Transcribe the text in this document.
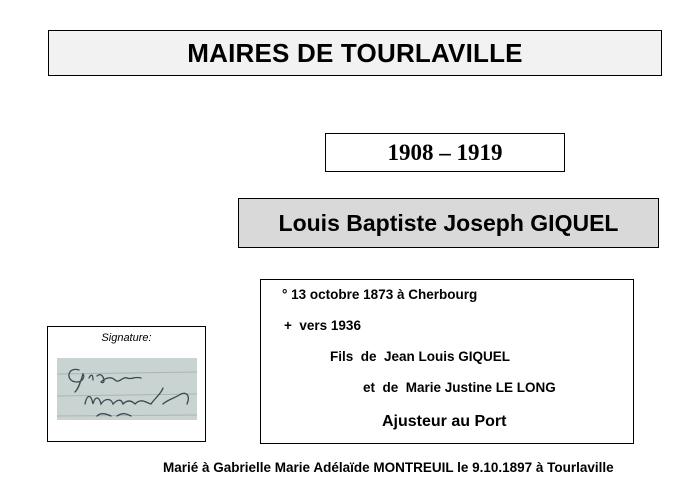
MAIRES DE TOURLAVILLE
1908 – 1919
Louis Baptiste Joseph GIQUEL
Signature:
° 13 octobre 1873 à Cherbourg
+  vers 1936
Fils  de  Jean Louis GIQUEL
et  de  Marie Justine LE LONG
Ajusteur au Port
Marié à Gabrielle Marie Adélaïde MONTREUIL le 9.10.1897 à Tourlaville
